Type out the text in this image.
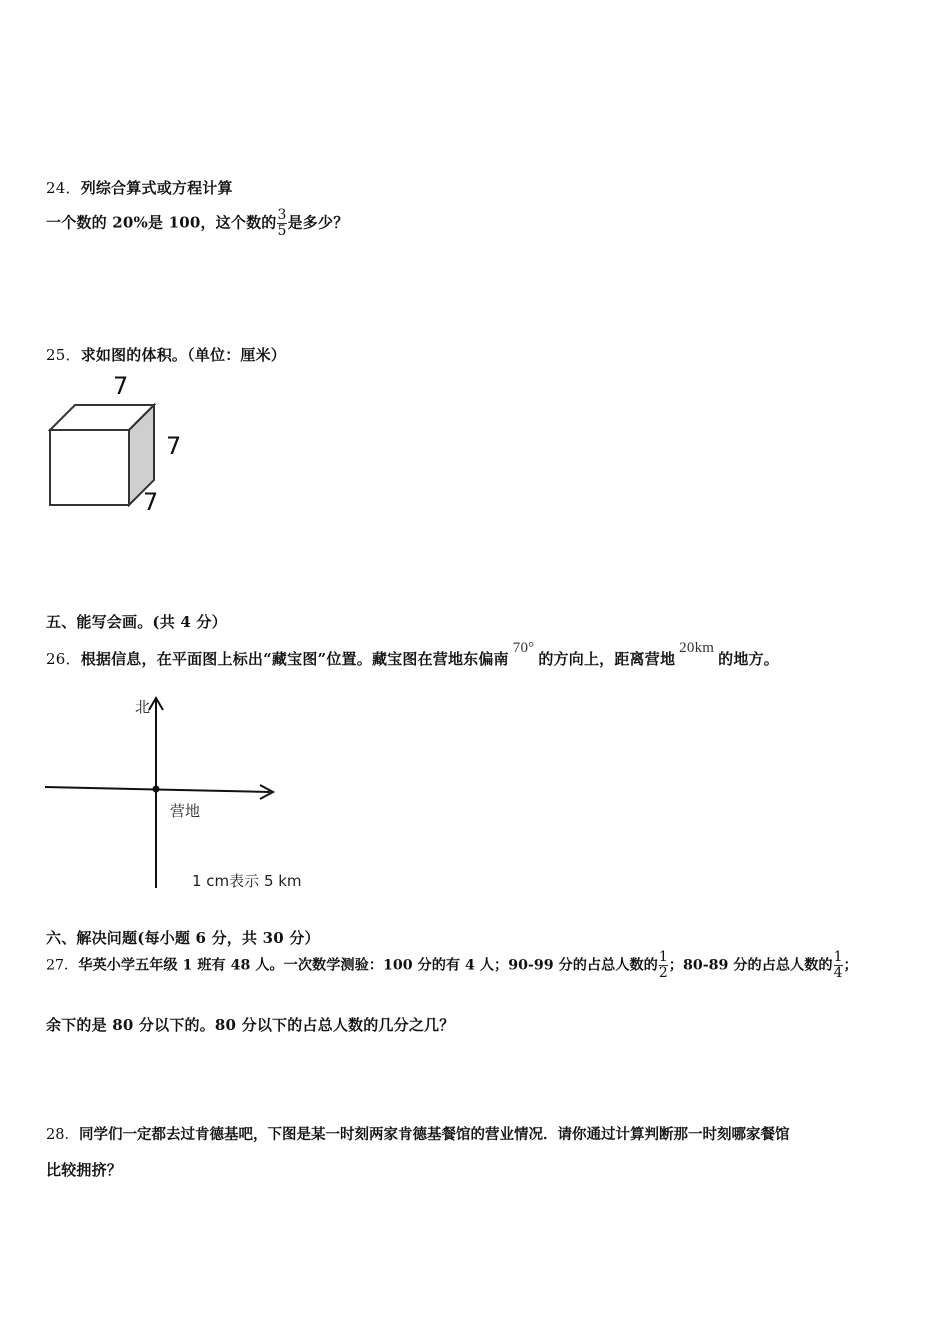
24．列综合算式或方程计算
一个数的 20%是 100，这个数的 $\frac{3}{5}$ 是多少？
25．求如图的体积。（单位：厘米）
7
7
7
五、能写会画。(共 4 分）
26．根据信息，在平面图上标出“藏宝图”位置。藏宝图在营地东偏南70°的方向上，距离营地20km的地方。
北
营地
1 cm表示 5 km
六、解决问题(每小题 6 分，共 30 分）
27．华英小学五年级 1 班有 48 人。一次数学测验：100 分的有 4 人；90-99 分的占总人数的 $\frac{1}{2}$ ；80-89 分的占总人数的 $\frac{1}{4}$ ；
余下的是 80 分以下的。80 分以下的占总人数的几分之几？
28．同学们一定都去过肯德基吧，下图是某一时刻两家肯德基餐馆的营业情况．请你通过计算判断那一时刻哪家餐馆
比较拥挤？
